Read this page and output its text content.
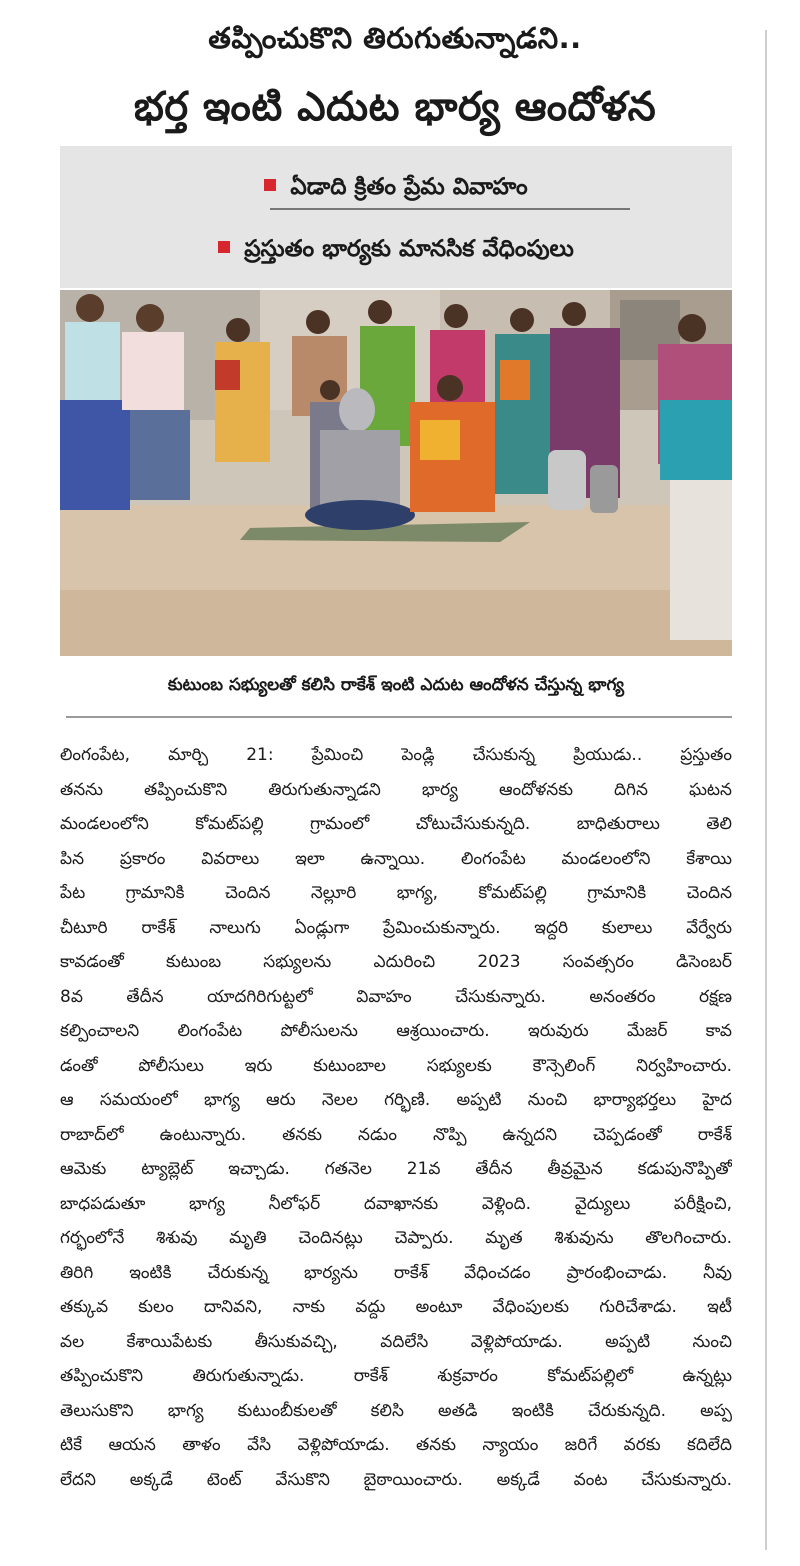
తప్పించుకొని తిరుగుతున్నాడని..
భర్త ఇంటి ఎదుట భార్య ఆందోళన
ఏడాది క్రితం ప్రేమ వివాహం
ప్రస్తుతం భార్యకు మానసిక వేధింపులు
కుటుంబ సభ్యులతో కలిసి రాకేశ్‌ ఇంటి ఎదుట ఆందోళన చేస్తున్న భాగ్య
లింగంపేట, మార్చి 21: ప్రేమించి పెండ్లి చేసుకున్న ప్రియుడు.. ప్రస్తుతం
తనను తప్పించుకొని తిరుగుతున్నాడని భార్య ఆందోళనకు దిగిన ఘటన
మండలంలోని కోమట్‌పల్లి గ్రామంలో చోటుచేసుకున్నది. బాధితురాలు తెలి
పిన ప్రకారం వివరాలు ఇలా ఉన్నాయి. లింగంపేట మండలంలోని కేశాయి
పేట గ్రామానికి చెందిన నెల్లూరి భాగ్య, కోమట్‌పల్లి గ్రామానికి చెందిన
చీటూరి రాకేశ్‌ నాలుగు ఏండ్లుగా ప్రేమించుకున్నారు. ఇద్దరి కులాలు వేర్వేరు
కావడంతో కుటుంబ సభ్యులను ఎదురించి 2023 సంవత్సరం డిసెంబర్‌
8వ తేదీన యాదగిరిగుట్టలో వివాహం చేసుకున్నారు. అనంతరం రక్షణ
కల్పించాలని లింగంపేట పోలీసులను ఆశ్రయించారు. ఇరువురు మేజర్‌ కావ
డంతో పోలీసులు ఇరు కుటుంబాల సభ్యులకు కౌన్సెలింగ్‌ నిర్వహించారు.
ఆ సమయంలో భాగ్య ఆరు నెలల గర్భిణి. అప్పటి నుంచి భార్యాభర్తలు హైద
రాబాద్‌లో ఉంటున్నారు. తనకు నడుం నొప్పి ఉన్నదని చెప్పడంతో రాకేశ్‌
ఆమెకు ట్యాబ్లెట్‌ ఇచ్చాడు. గతనెల 21వ తేదీన తీవ్రమైన కడుపునొప్పితో
బాధపడుతూ భాగ్య నీలోఫర్‌ దవాఖానకు వెళ్లింది. వైద్యులు పరీక్షించి,
గర్భంలోనే శిశువు మృతి చెందినట్లు చెప్పారు. మృత శిశువును తొలగించారు.
తిరిగి ఇంటికి చేరుకున్న భార్యను రాకేశ్‌ వేధించడం ప్రారంభించాడు. నీవు
తక్కువ కులం దానివని, నాకు వద్దు అంటూ వేధింపులకు గురిచేశాడు. ఇటీ
వల కేశాయిపేటకు తీసుకువచ్చి, వదిలేసి వెళ్లిపోయాడు. అప్పటి నుంచి
తప్పించుకొని తిరుగుతున్నాడు. రాకేశ్‌ శుక్రవారం కోమట్‌పల్లిలో ఉన్నట్లు
తెలుసుకొని భాగ్య కుటుంబీకులతో కలిసి అతడి ఇంటికి చేరుకున్నది. అప్ప
టికే ఆయన తాళం వేసి వెళ్లిపోయాడు. తనకు న్యాయం జరిగే వరకు కదిలేది
లేదని అక్కడే టెంట్‌ వేసుకొని బైఠాయించారు. అక్కడే వంట చేసుకున్నారు.
